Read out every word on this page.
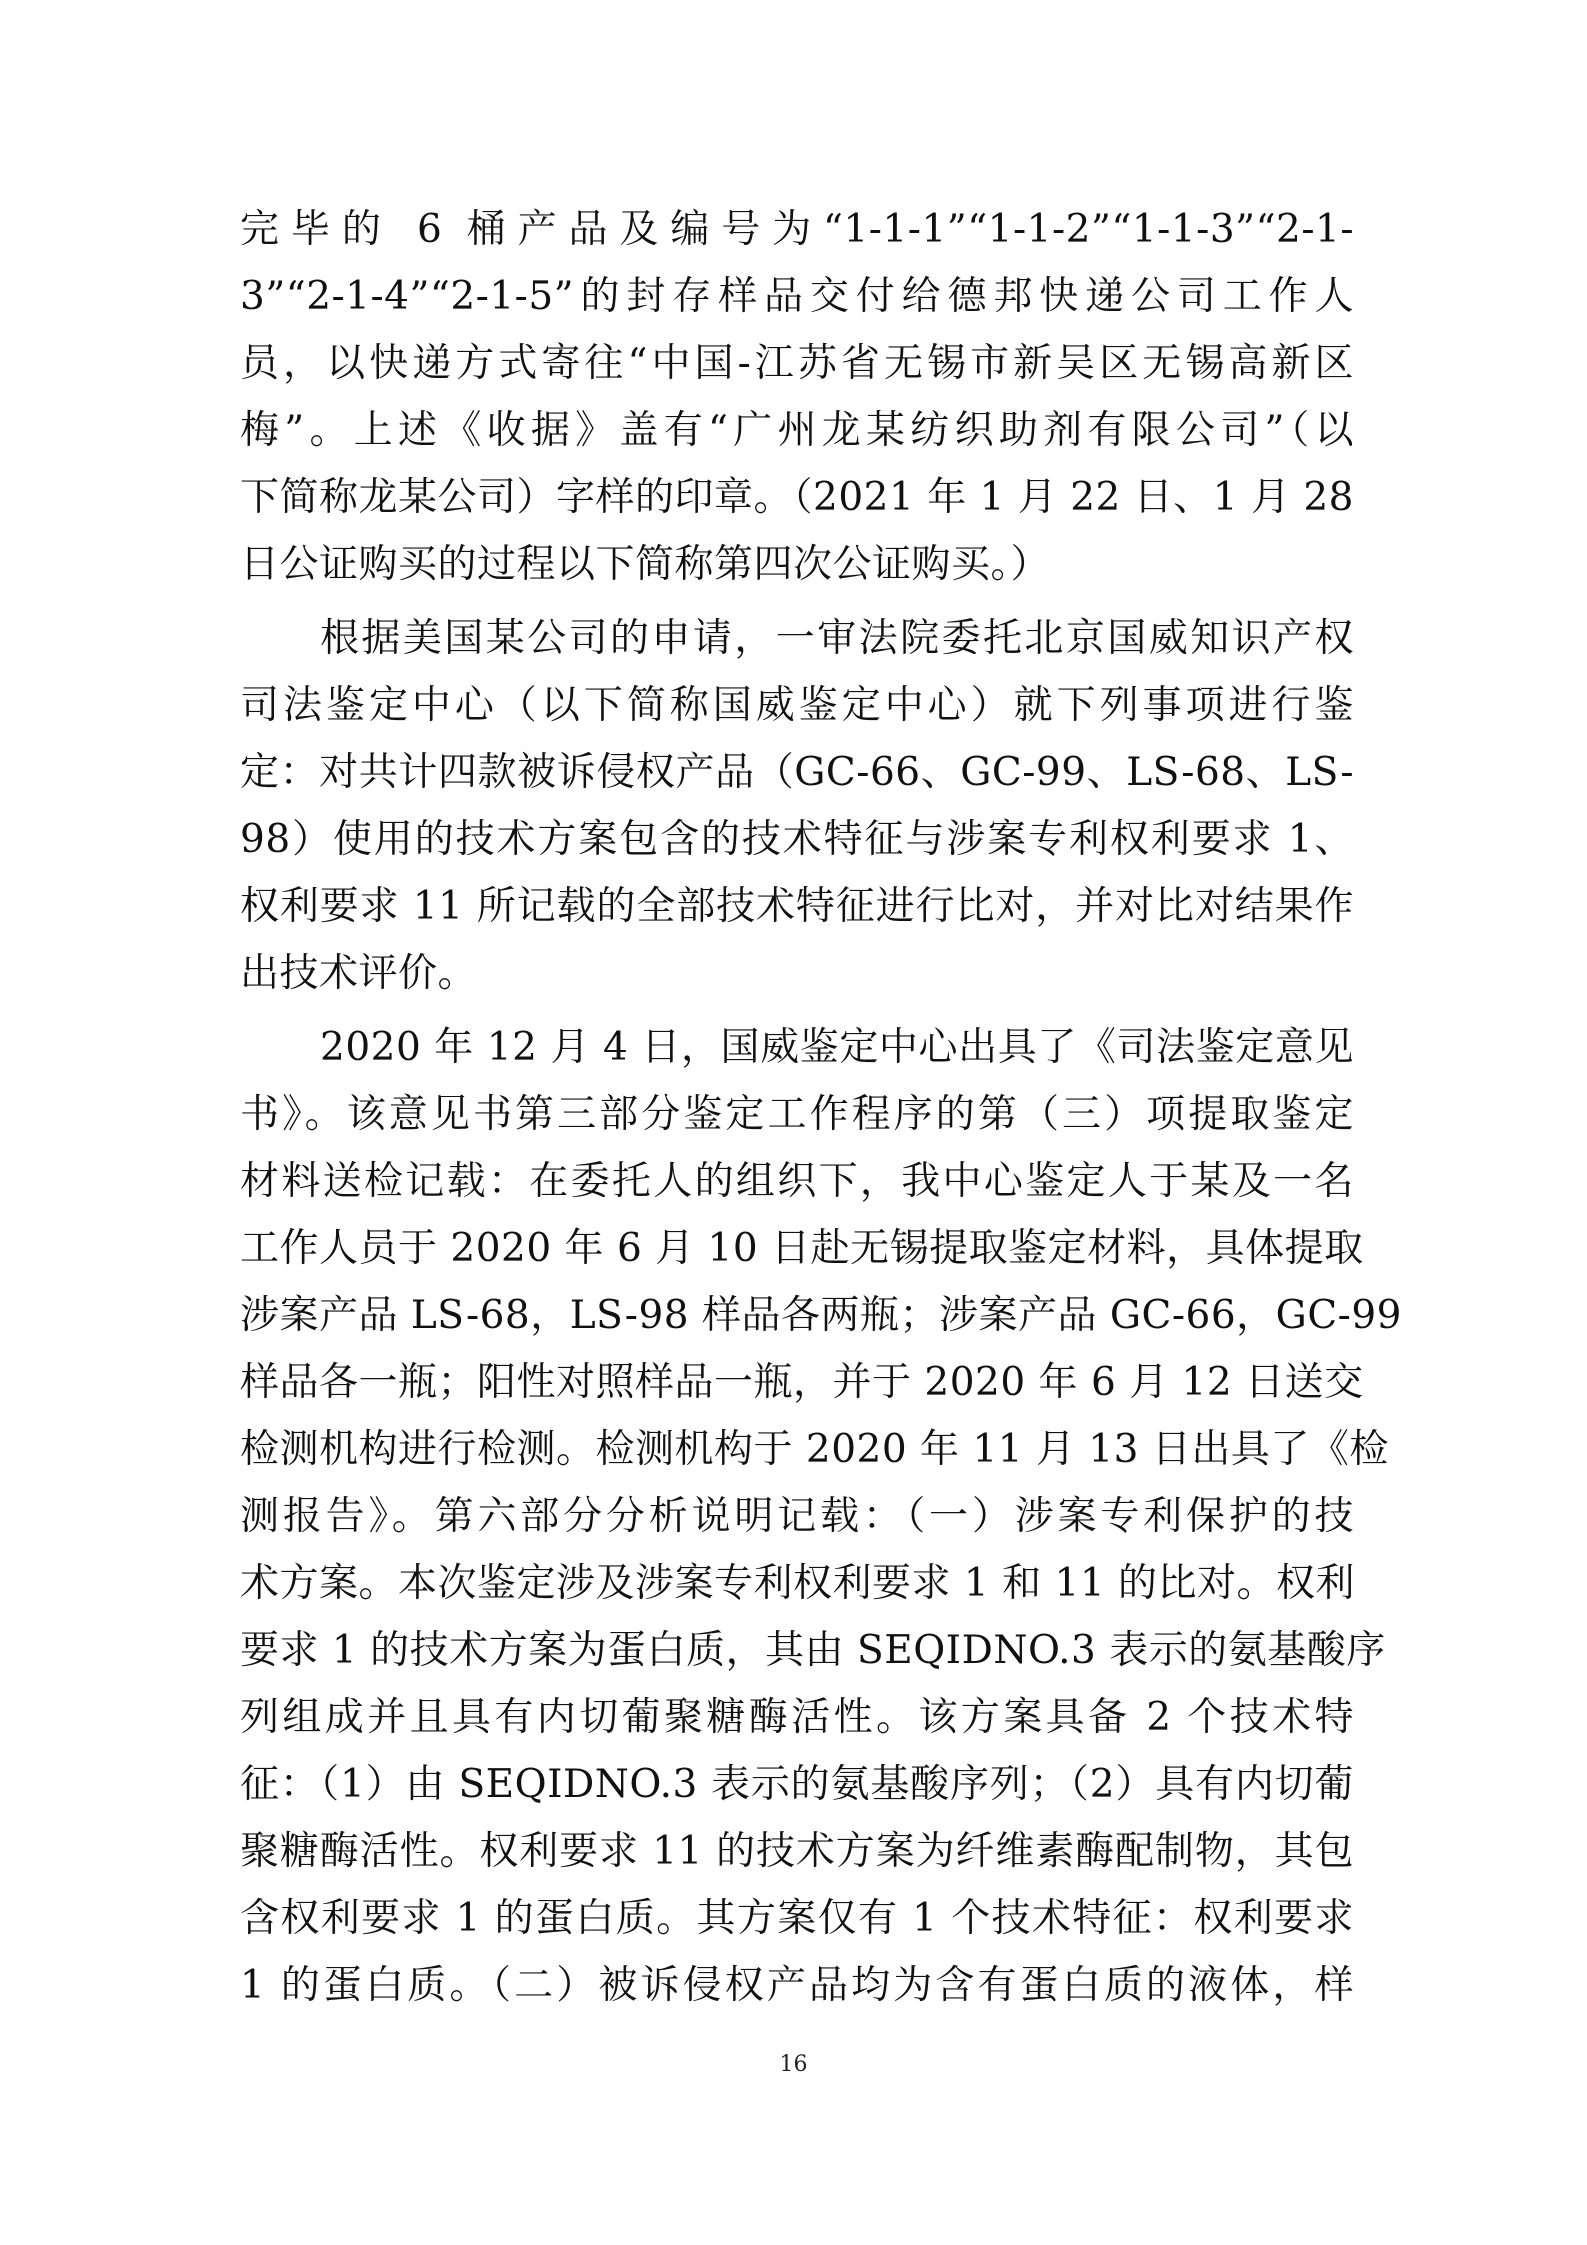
完毕的 6 桶产品及编号为“1-1-1”“1-1-2”“1-1-3”“2-1-
3”“2-1-4”“2-1-5”的封存样品交付给德邦快递公司工作人
员，以快递方式寄往“中国-江苏省无锡市新吴区无锡高新区
梅”。上述《收据》盖有“广州龙某纺织助剂有限公司”（以
下简称龙某公司）字样的印章。（2021 年 1 月 22 日、1 月 28
日公证购买的过程以下简称第四次公证购买。）
根据美国某公司的申请，一审法院委托北京国威知识产权
司法鉴定中心（以下简称国威鉴定中心）就下列事项进行鉴
定：对共计四款被诉侵权产品（GC-66、GC-99、LS-68、LS-
98）使用的技术方案包含的技术特征与涉案专利权利要求 1、
权利要求 11 所记载的全部技术特征进行比对，并对比对结果作
出技术评价。
2020 年 12 月 4 日，国威鉴定中心出具了《司法鉴定意见
书》。该意见书第三部分鉴定工作程序的第（三）项提取鉴定
材料送检记载：在委托人的组织下，我中心鉴定人于某及一名
工作人员于 2020 年 6 月 10 日赴无锡提取鉴定材料，具体提取
涉案产品 LS-68，LS-98 样品各两瓶；涉案产品 GC-66，GC-99
样品各一瓶；阳性对照样品一瓶，并于 2020 年 6 月 12 日送交
检测机构进行检测。检测机构于 2020 年 11 月 13 日出具了《检
测报告》。第六部分分析说明记载：（一）涉案专利保护的技
术方案。本次鉴定涉及涉案专利权利要求 1 和 11 的比对。权利
要求 1 的技术方案为蛋白质，其由 SEQIDNO.3 表示的氨基酸序
列组成并且具有内切葡聚糖酶活性。该方案具备 2 个技术特
征：（1）由 SEQIDNO.3 表示的氨基酸序列；（2）具有内切葡
聚糖酶活性。权利要求 11 的技术方案为纤维素酶配制物，其包
含权利要求 1 的蛋白质。其方案仅有 1 个技术特征：权利要求
1 的蛋白质。（二）被诉侵权产品均为含有蛋白质的液体，样
16
